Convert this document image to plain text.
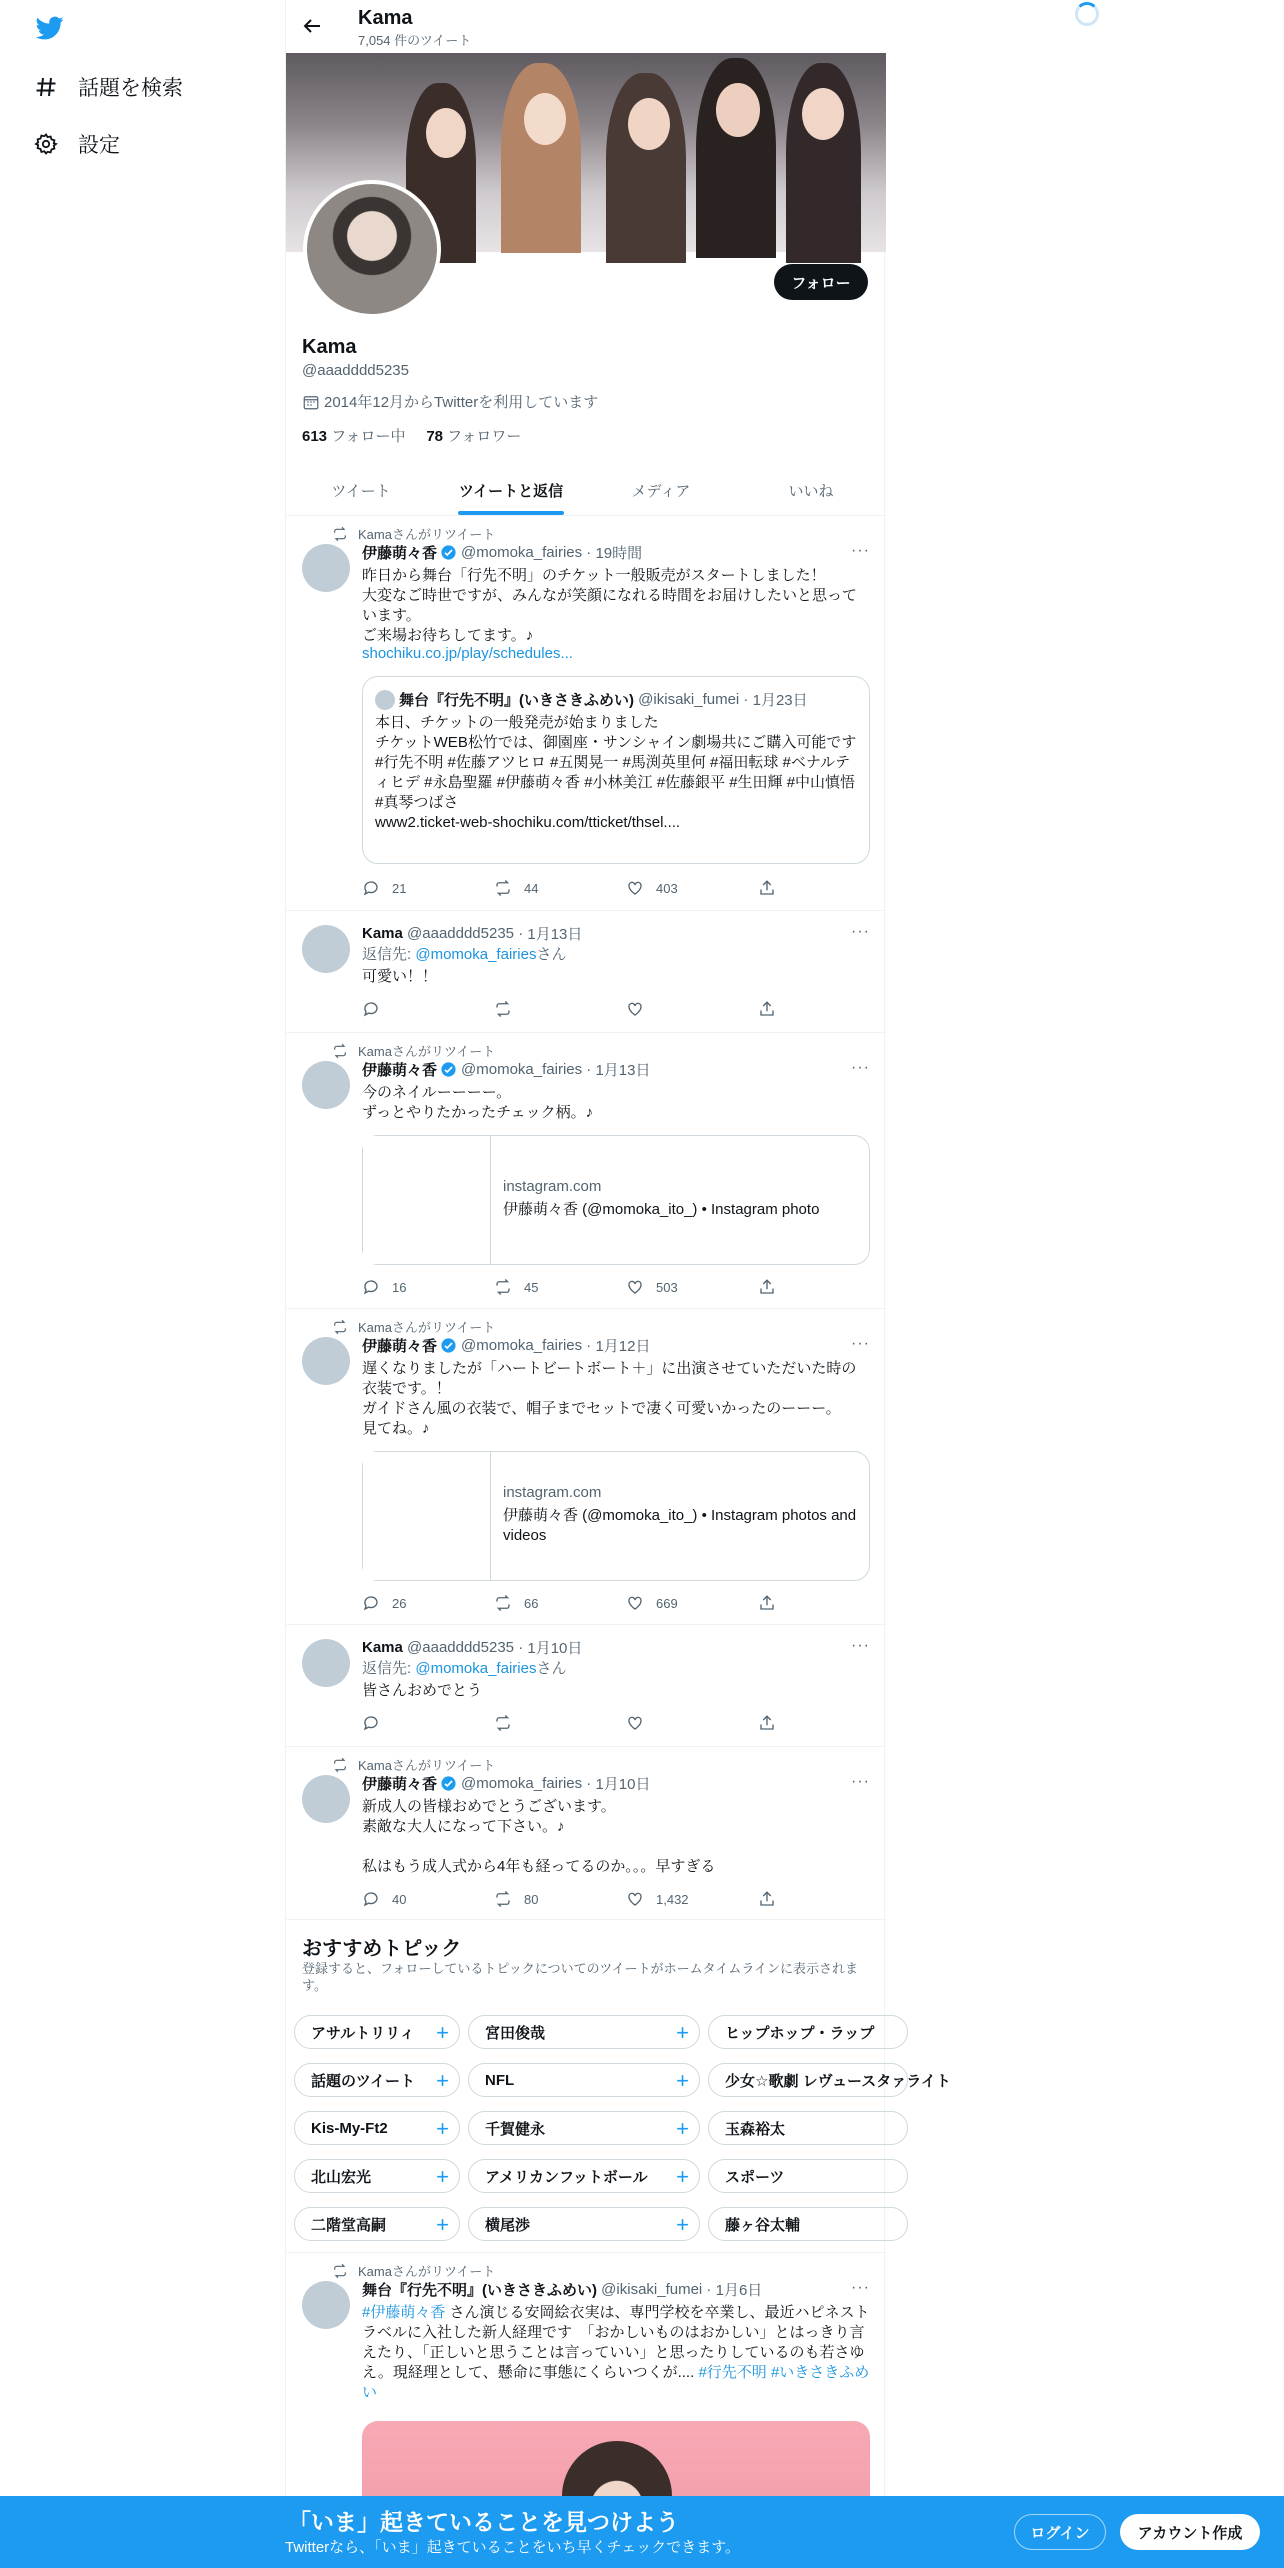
話題を検索
設定
Kama
7,054 件のツイート
フォロー
Kama
@aaadddd5235
2014年12月からTwitterを利用しています
613 フォロー中 78 フォロワー
ツイート	ツイートと返信	メディア	いいね
Kamaさんがリツイート
伊藤萌々香 @momoka_fairies · 19時間	···
昨日から舞台「行先不明」のチケット一般販売がスタートしました！
大変なご時世ですが、みんなが笑顔になれる時間をお届けしたいと思っています。
ご来場お待ちしてます。♪
shochiku.co.jp/play/schedules...
舞台『行先不明』(いきさきふめい)
@ikisaki_fumei · 1月23日
本日、チケットの一般発売が始まりました
チケットWEB松竹では、御園座・サンシャイン劇場共にご購入可能です
#行先不明 #佐藤アツヒロ #五関晃一 #馬渕英里何 #福田転球 #ベナルティヒデ #永島聖羅 #伊藤萌々香 #小林美江 #佐藤銀平 #生田輝 #中山慎悟 #真琴つばさ
www2.ticket-web-shochiku.com/tticket/thsel....
21	44	403
Kama
@aaadddd5235 · 1月13日	···
返信先: @momoka_fairiesさん
可愛い！！
Kamaさんがリツイート
伊藤萌々香 @momoka_fairies · 1月13日	···
今のネイルーーーー。
ずっとやりたかったチェック柄。♪
instagram.com
伊藤萌々香 (@momoka_ito_) • Instagram photo
16	45	503
Kamaさんがリツイート
伊藤萌々香 @momoka_fairies · 1月12日	···
遅くなりましたが「ハートビートボート＋」に出演させていただいた時の衣装です。！
ガイドさん風の衣装で、帽子までセットで凄く可愛いかったのーーー。
見てね。♪
instagram.com
伊藤萌々香 (@momoka_ito_) • Instagram photos and videos
26	66	669
Kama
@aaadddd5235 · 1月10日	···
返信先: @momoka_fairiesさん
皆さんおめでとう
Kamaさんがリツイート
伊藤萌々香 @momoka_fairies · 1月10日	···
新成人の皆様おめでとうございます。
素敵な大人になって下さい。♪

私はもう成人式から4年も経ってるのか。。。早すぎる
40	80	1,432
おすすめトピック
登録すると、フォローしているトピックについてのツイートがホームタイムラインに表示されます。
アサルトリリィ + 宮田俊哉	+ ヒップホップ・ラップ
話題のツイート + NFL	+ 少女☆歌劇 レヴュースタァライト
Kis-My-Ft2 + 千賀健永	+ 玉森裕太
北山宏光	+ アメリカンフットボール + スポーツ
二階堂高嗣 + 横尾渉	+ 藤ヶ谷太輔
Kamaさんがリツイート
舞台『行先不明』(いきさきふめい)
@ikisaki_fumei · 1月6日	···
#伊藤萌々香 さん演じる安岡絵衣実は、専門学校を卒業し、最近ハピネストラベルに入社した新人経理です　「おかしいものはおかしい」とはっきり言えたり、「正しいと思うことは言っていい」と思ったりしているのも若さゆえ。現経理として、懸命に事態にくらいつくが.... #行先不明 #いきさきふめい
「いま」起きていることを見つけよう
Twitterなら、「いま」起きていることをいち早くチェックできます。
ログイン	アカウント作成
